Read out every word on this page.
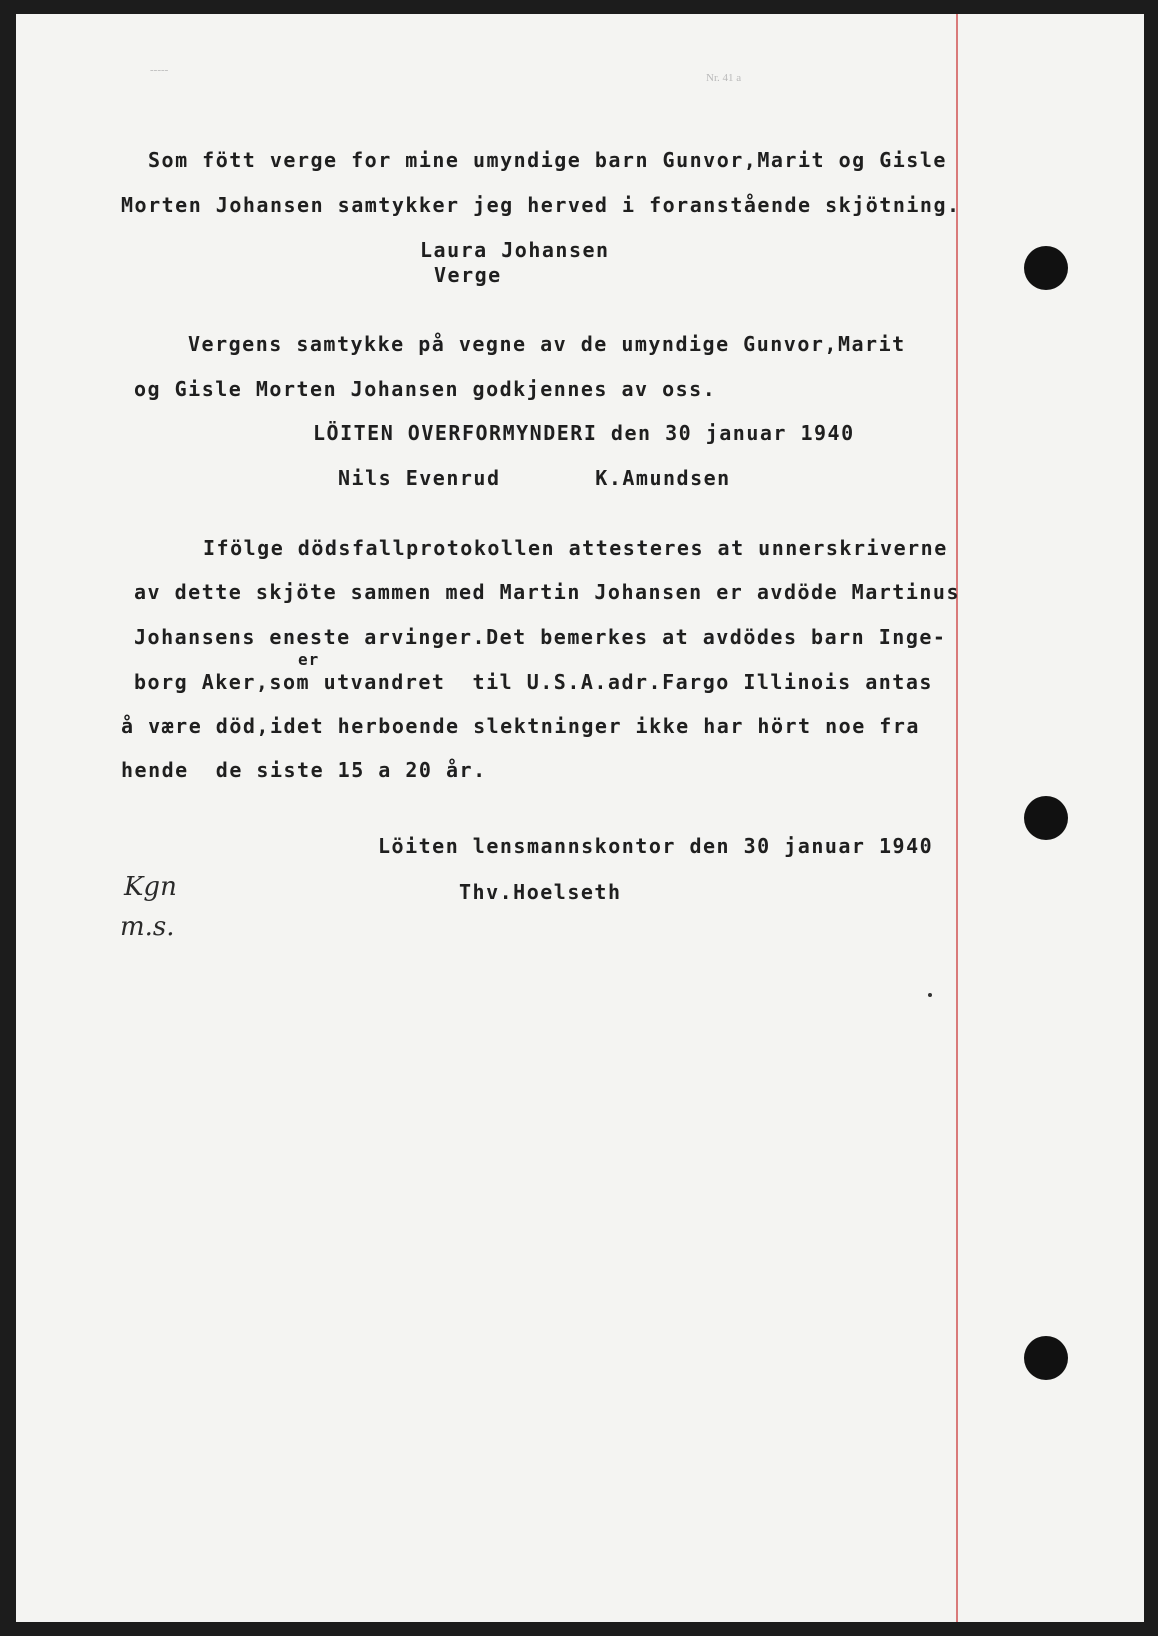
Nr. 41 a
-----
Som fött verge for mine umyndige barn Gunvor,Marit og Gisle
Morten Johansen samtykker jeg herved i foranstående skjötning.
Laura Johansen
Verge
Vergens samtykke på vegne av de umyndige Gunvor,Marit
og Gisle Morten Johansen godkjennes av oss.
LÖITEN OVERFORMYNDERI den 30 januar 1940
Nils Evenrud       K.Amundsen
Ifölge dödsfallprotokollen attesteres at unnerskriverne
av dette skjöte sammen med Martin Johansen er avdöde Martinus
Johansens eneste arvinger.Det bemerkes at avdödes barn Inge-
er
borg Aker,som utvandret  til U.S.A.adr.Fargo Illinois antas
å være död,idet herboende slektninger ikke har hört noe fra
hende  de siste 15 a 20 år.
Löiten lensmannskontor den 30 januar 1940
Thv.Hoelseth
Kgn
m.s.
